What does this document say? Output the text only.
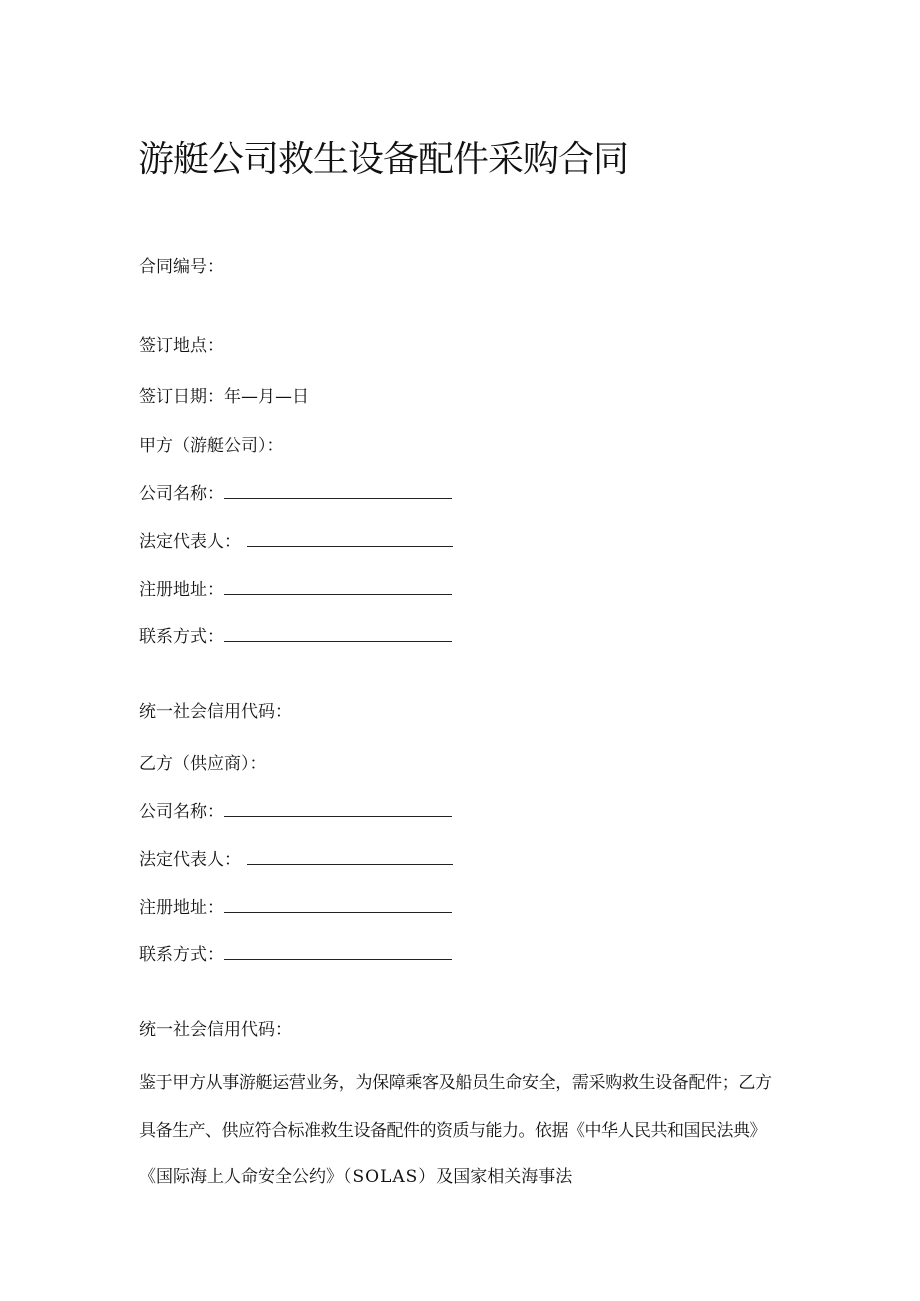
游艇公司救生设备配件采购合同
合同编号：
签订地点：
签订日期：年—月—日
甲方（游艇公司）：
公司名称：
法定代表人：
注册地址：
联系方式：
统一社会信用代码：
乙方（供应商）：
公司名称：
法定代表人：
注册地址：
联系方式：
统一社会信用代码：
鉴于甲方从事游艇运营业务，为保障乘客及船员生命安全，需采购救生设备配件；乙方
具备生产、供应符合标准救生设备配件的资质与能力。依据《中华人民共和国民法典》
《国际海上人命安全公约》（SOLAS）及国家相关海事法
